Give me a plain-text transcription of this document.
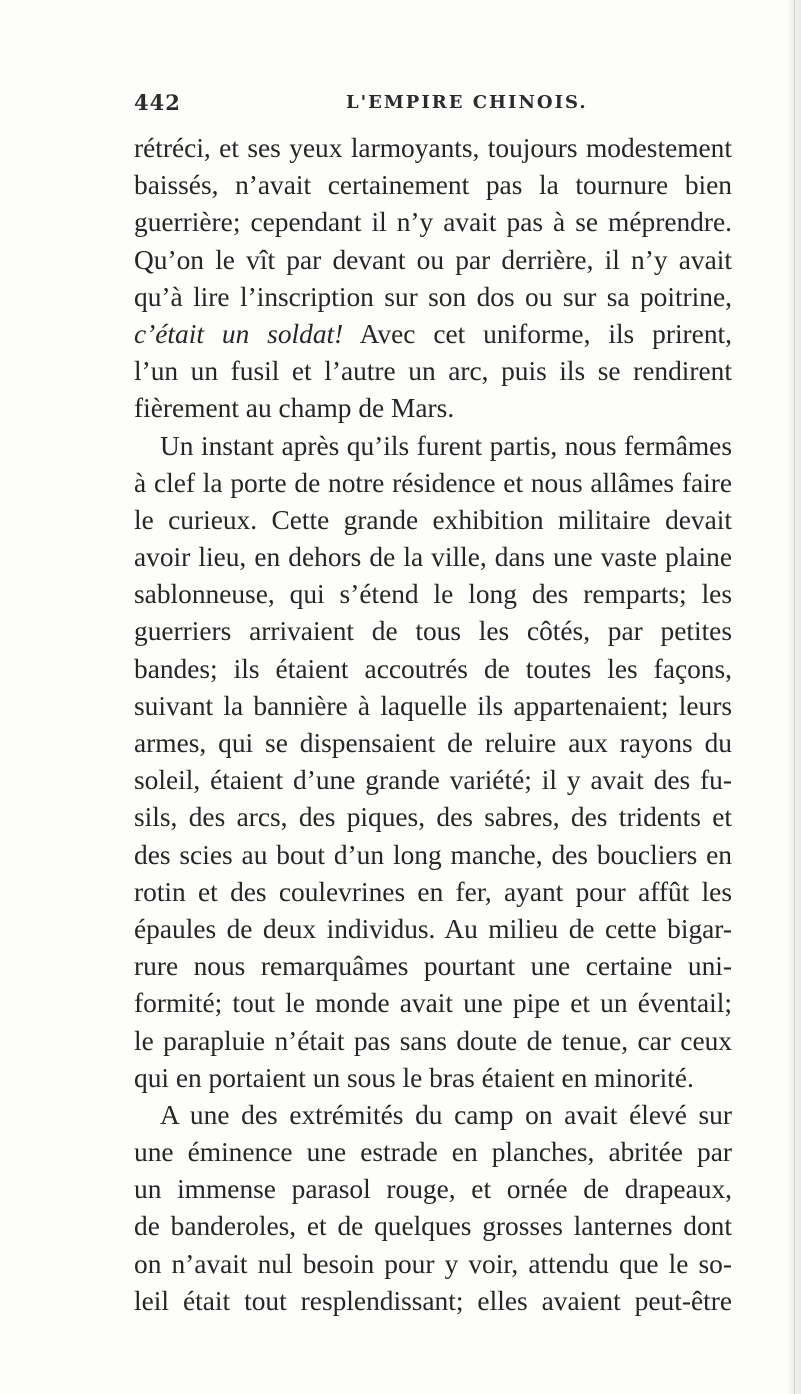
442	L'EMPIRE CHINOIS.
rétréci, et ses yeux larmoyants, toujours modestement
baissés, n’avait certainement pas la tournure bien
guerrière; cependant il n’y avait pas à se méprendre.
Qu’on le vît par devant ou par derrière, il n’y avait
qu’à lire l’inscription sur son dos ou sur sa poitrine,
c’était un soldat! Avec cet uniforme, ils prirent,
l’un un fusil et l’autre un arc, puis ils se rendirent
fièrement au champ de Mars.
Un instant après qu’ils furent partis, nous fermâmes
à clef la porte de notre résidence et nous allâmes faire
le curieux. Cette grande exhibition militaire devait
avoir lieu, en dehors de la ville, dans une vaste plaine
sablonneuse, qui s’étend le long des remparts; les
guerriers arrivaient de tous les côtés, par petites
bandes; ils étaient accoutrés de toutes les façons,
suivant la bannière à laquelle ils appartenaient; leurs
armes, qui se dispensaient de reluire aux rayons du
soleil, étaient d’une grande variété; il y avait des fu-
sils, des arcs, des piques, des sabres, des tridents et
des scies au bout d’un long manche, des boucliers en
rotin et des coulevrines en fer, ayant pour affût les
épaules de deux individus. Au milieu de cette bigar-
rure nous remarquâmes pourtant une certaine uni-
formité; tout le monde avait une pipe et un éventail;
le parapluie n’était pas sans doute de tenue, car ceux
qui en portaient un sous le bras étaient en minorité.
A une des extrémités du camp on avait élevé sur
une éminence une estrade en planches, abritée par
un immense parasol rouge, et ornée de drapeaux,
de banderoles, et de quelques grosses lanternes dont
on n’avait nul besoin pour y voir, attendu que le so-
leil était tout resplendissant; elles avaient peut-être
